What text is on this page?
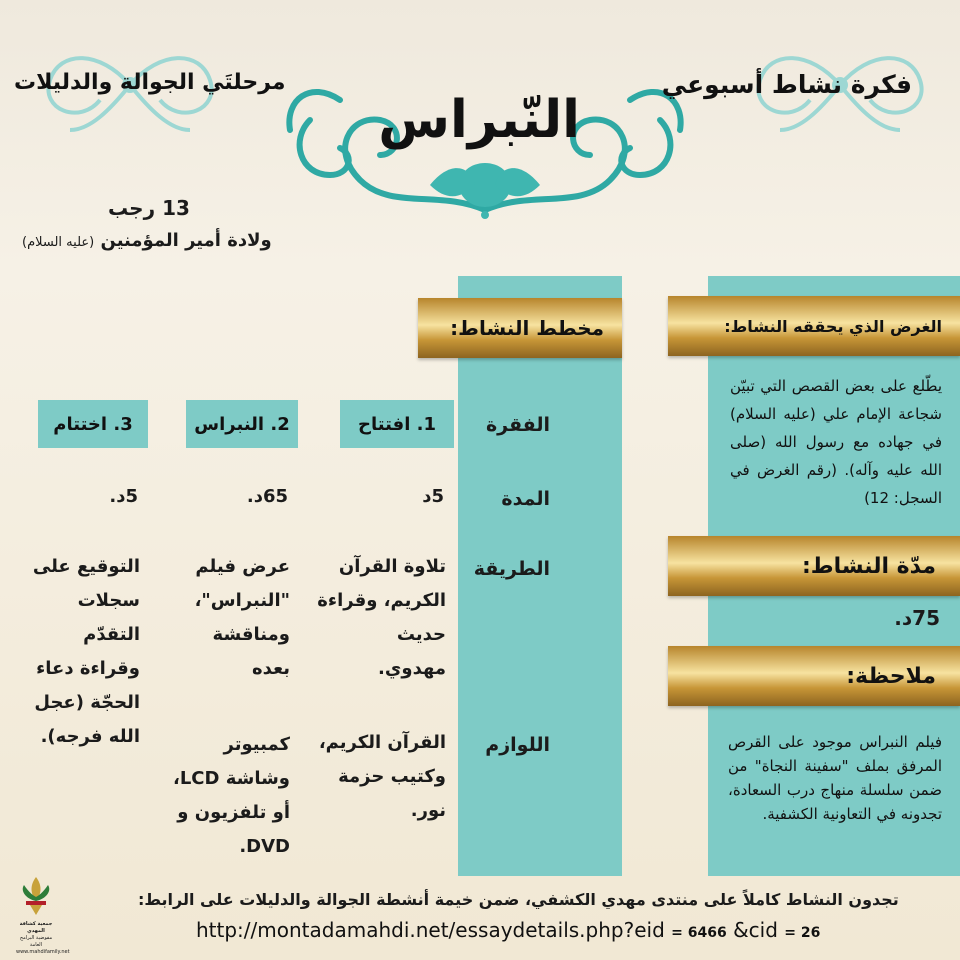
فكرة نشاط أسبوعي
مرحلتَي الجوالة والدليلات
النّبراس
13 رجب
ولادة أمير المؤمنين (عليه السلام)
الغرض الذي يحققه النشاط:
يطّلع على بعض القصص التي تبيّن شجاعة الإمام علي (عليه السلام) في جهاده مع رسول الله (صلى الله عليه وآله). (رقم الغرض في السجل: 12)
مدّة النشاط:
75د.
ملاحظة:
فيلم النبراس موجود على القرص المرفق بملف "سفينة النجاة" من ضمن سلسلة منهاج درب السعادة، تجدونه في التعاونية الكشفية.
مخطط النشاط:
الفقرة
المدة
الطريقة
اللوازم
1. افتتاح
5د
تلاوة القرآن
الكريم، وقراءة
حديث
مهدوي.
القرآن الكريم،
وكتيب حزمة
نور.
2. النبراس
65د.
عرض فيلم
"النبراس"،
ومناقشة
بعده
كمبيوتر
وشاشة LCD،
أو تلفزيون و
DVD.
3. اختتام
5د.
التوقيع على
سجلات
التقدّم
وقراءة دعاء
الحجّة (عجل
الله فرجه).
تجدون النشاط كاملاً على منتدى مهدي الكشفي، ضمن خيمة أنشطة الجوالة والدليلات على الرابط:
http://montadamahdi.net/essaydetails.php?eid = 6466 &cid = 26
جمعية كشافة المهدي
مفوضية البرامج العامة
www.mahdifamily.net
